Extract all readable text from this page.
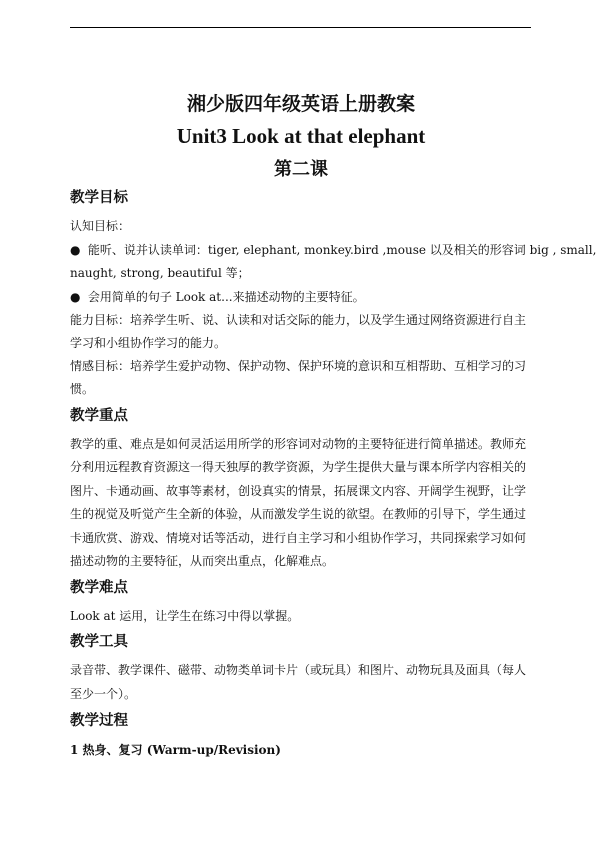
湘少版四年级英语上册教案
Unit3 Look at that elephant
第二课
教学目标
认知目标：
● 能听、说并认读单词：tiger, elephant, monkey.bird ,mouse 以及相关的形容词 big , small,
naught, strong, beautiful 等；
● 会用简单的句子 Look at...来描述动物的主要特征。
能力目标：培养学生听、说、认读和对话交际的能力，以及学生通过网络资源进行自主
学习和小组协作学习的能力。
情感目标：培养学生爱护动物、保护动物、保护环境的意识和互相帮助、互相学习的习
惯。
教学重点
教学的重、难点是如何灵活运用所学的形容词对动物的主要特征进行简单描述。教师充
分利用远程教育资源这一得天独厚的教学资源，为学生提供大量与课本所学内容相关的
图片、卡通动画、故事等素材，创设真实的情景，拓展课文内容、开阔学生视野，让学
生的视觉及听觉产生全新的体验，从而激发学生说的欲望。在教师的引导下，学生通过
卡通欣赏、游戏、情境对话等活动，进行自主学习和小组协作学习，共同探索学习如何
描述动物的主要特征，从而突出重点，化解难点。
教学难点
Look at 运用，让学生在练习中得以掌握。
教学工具
录音带、教学课件、磁带、动物类单词卡片（或玩具）和图片、动物玩具及面具（每人
至少一个）。
教学过程
1 热身、复习 (Warm-up/Revision)
